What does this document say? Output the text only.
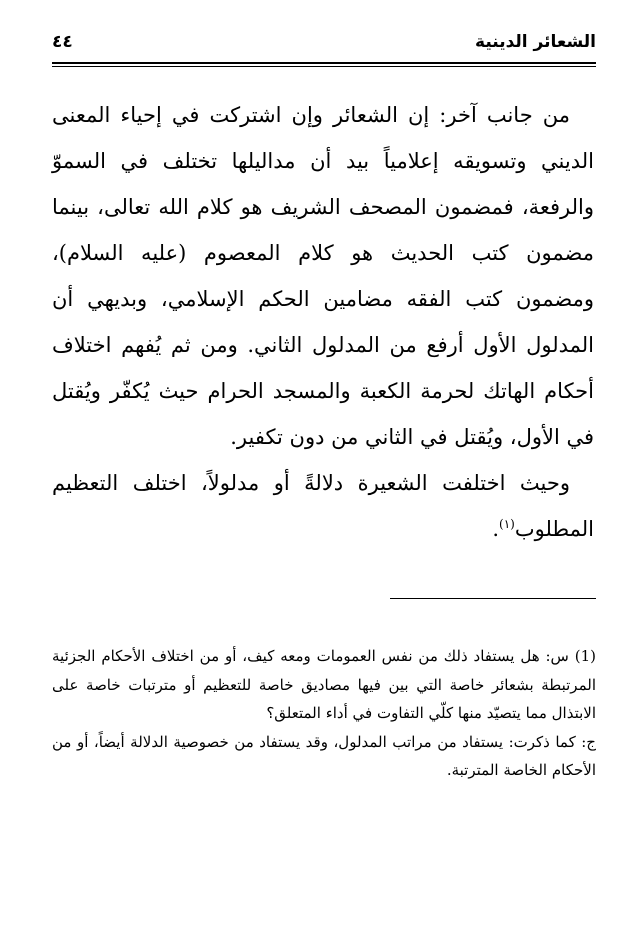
الشعائر الدينية
٤٤

من جانب آخر: إن الشعائر وإن اشتركت في إحياء المعنى الديني وتسويقه إعلامياً بيد أن مداليلها تختلف في السموّ والرفعة، فمضمون المصحف الشريف هو كلام الله تعالى، بينما مضمون كتب الحديث هو كلام المعصوم (عليه السلام)، ومضمون كتب الفقه مضامين الحكم الإسلامي، وبديهي أن المدلول الأول أرفع من المدلول الثاني. ومن ثم يُفهم اختلاف أحكام الهاتك لحرمة الكعبة والمسجد الحرام حيث يُكفّر ويُقتل في الأول، ويُقتل في الثاني من دون تكفير.

وحيث اختلفت الشعيرة دلالةً أو مدلولاً، اختلف التعظيم المطلوب$^{(١)}$.

(1) س: هل يستفاد ذلك من نفس العمومات ومعه كيف، أو من اختلاف الأحكام الجزئية المرتبطة بشعائر خاصة التي بين فيها مصاديق خاصة للتعظيم أو مترتبات خاصة على الابتذال مما يتصيّد منها كلّي التفاوت في أداء المتعلق؟

ج: كما ذكرت: يستفاد من مراتب المدلول، وقد يستفاد من خصوصية الدلالة أيضاً، أو من الأحكام الخاصة المترتبة.
